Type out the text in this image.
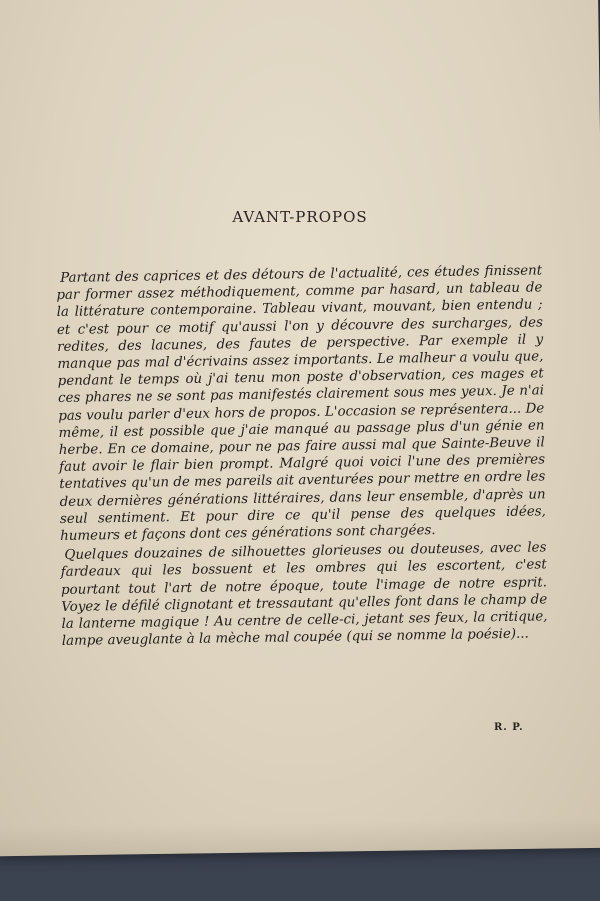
AVANT-PROPOS

Partant des caprices et des détours de l'actualité, ces études finissent par former assez méthodiquement, comme par hasard, un tableau de la littérature contemporaine. Tableau vivant, mouvant, bien entendu ; et c'est pour ce motif qu'aussi l'on y découvre des surcharges, des redites, des lacunes, des fautes de perspective. Par exemple il y manque pas mal d'écrivains assez importants. Le malheur a voulu que, pendant le temps où j'ai tenu mon poste d'observation, ces mages et ces phares ne se sont pas manifestés clairement sous mes yeux. Je n'ai pas voulu parler d'eux hors de propos. L'occasion se représentera... De même, il est possible que j'aie manqué au passage plus d'un génie en herbe. En ce domaine, pour ne pas faire aussi mal que Sainte-Beuve il faut avoir le flair bien prompt. Malgré quoi voici l'une des premières tentatives qu'un de mes pareils ait aventurées pour mettre en ordre les deux dernières générations littéraires, dans leur ensemble, d'après un seul sentiment. Et pour dire ce qu'il pense des quelques idées, humeurs et façons dont ces générations sont chargées.

Quelques douzaines de silhouettes glorieuses ou douteuses, avec les fardeaux qui les bossuent et les ombres qui les escortent, c'est pourtant tout l'art de notre époque, toute l'image de notre esprit. Voyez le défilé clignotant et tressautant qu'elles font dans le champ de la lanterne magique ! Au centre de celle-ci, jetant ses feux, la critique, lampe aveuglante à la mèche mal coupée (qui se nomme la poésie)...

R. P.
